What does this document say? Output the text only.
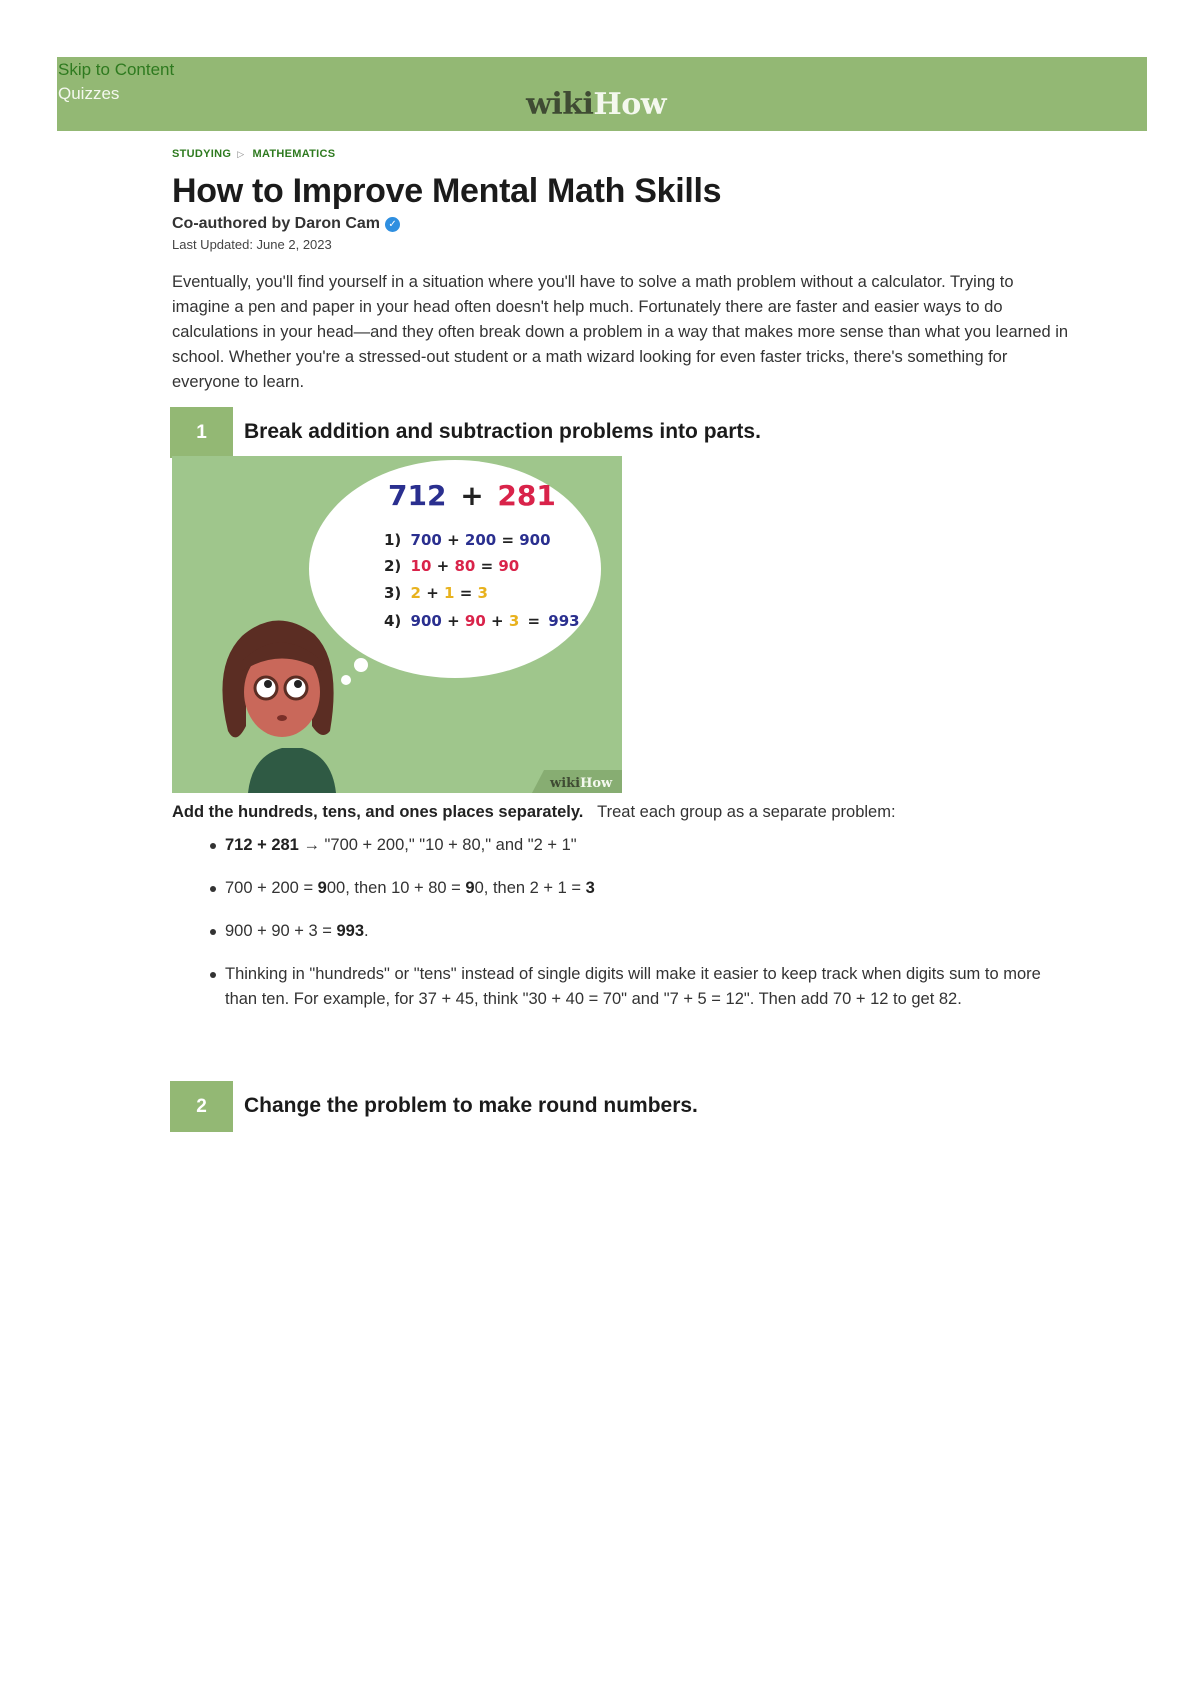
Skip to Content
Quizzes	wikiHow
STUDYING ▷ MATHEMATICS
How to Improve Mental Math Skills
Co-authored by Daron Cam ✓
Last Updated: June 2, 2023

Eventually, you'll find yourself in a situation where you'll have to solve a math problem without a calculator. Trying to imagine a pen and paper in your head often doesn't help much. Fortunately there are faster and easier ways to do calculations in your head—and they often break down a problem in a way that makes more sense than what you learned in school. Whether you're a stressed-out student or a math wizard looking for even faster tricks, there's something for everyone to learn.

1	Break addition and subtraction problems into parts.
712 + 281
1) 700 + 200 = 900
2) 10 + 80 = 90
3) 2 + 1 = 3
4) 900 + 90 + 3 = 993
wikiHow
Add the hundreds, tens, and ones places separately. Treat each group as a separate problem:
712 + 281 → "700 + 200," "10 + 80," and "2 + 1"
700 + 200 = 900, then 10 + 80 = 90, then 2 + 1 = 3
900 + 90 + 3 = 993.
Thinking in "hundreds" or "tens" instead of single digits will make it easier to keep track when digits sum to more than ten. For example, for 37 + 45, think "30 + 40 = 70" and "7 + 5 = 12". Then add 70 + 12 to get 82.
2	Change the problem to make round numbers.
